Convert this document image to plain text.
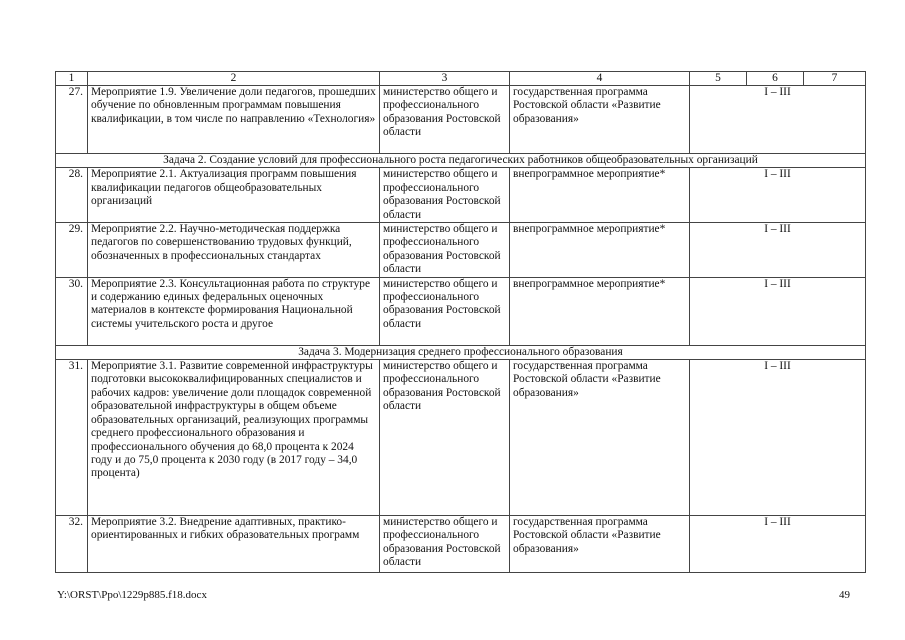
1	2	3	4	5	6	7
27.	Мероприятие 1.9. Увеличение доли педагогов, прошедших обучение по обновленным программам повышения квалификации, в том числе по направлению «Технология»	министерство общего и профессионального образования Ростовской области	государственная программа Ростовской области «Развитие образования»	I – III		
Задача 2. Создание условий для профессионального роста педагогических работников общеобразовательных организаций						
28.	Мероприятие 2.1. Актуализация программ повышения квалификации педагогов общеобразовательных организаций	министерство общего и профессионального образования Ростовской области	внепрограммное мероприятие*	I – III		
29.	Мероприятие 2.2. Научно-методическая поддержка педагогов по совершенствованию трудовых функций, обозначенных в профессиональных стандартах	министерство общего и профессионального образования Ростовской области	внепрограммное мероприятие*	I – III		
30.	Мероприятие 2.3. Консультационная работа по структуре и содержанию единых федеральных оценочных материалов в контексте формирования Национальной системы учительского роста и другое	министерство общего и профессионального образования Ростовской области	внепрограммное мероприятие*	I – III		
Задача 3. Модернизация среднего профессионального образования						
31.	Мероприятие 3.1. Развитие современной инфраструктуры подготовки высококвалифицированных специалистов и рабочих кадров: увеличение доли площадок современной образовательной инфраструктуры в общем объеме образовательных организаций, реализующих программы среднего профессионального образования и профессионального обучения до 68,0 процента к 2024 году и до 75,0 процента к 2030 году (в 2017 году – 34,0 процента)	министерство общего и профессионального образования Ростовской области	государственная программа Ростовской области «Развитие образования»	I – III		
32.	Мероприятие 3.2. Внедрение адаптивных, практико-ориентированных и гибких образовательных программ	министерство общего и профессионального образования Ростовской области	государственная программа Ростовской области «Развитие образования»	I – III		
Y:\ORST\Ppo\1229p885.f18.docx	49
